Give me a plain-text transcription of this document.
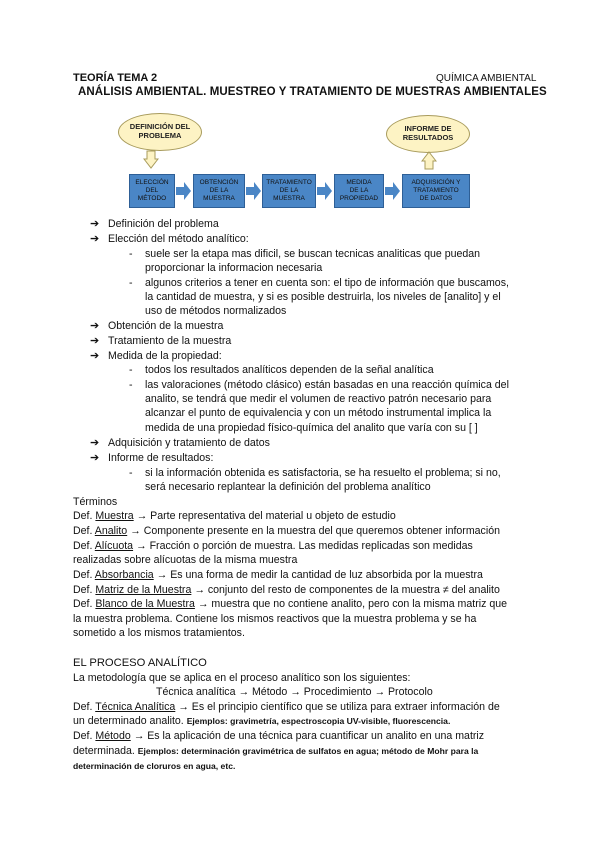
TEORÍA TEMA 2	QUÍMICA AMBIENTAL
ANÁLISIS AMBIENTAL. MUESTREO Y TRATAMIENTO DE MUESTRAS AMBIENTALES
DEFINICIÓN DEL
PROBLEMA
INFORME DE
RESULTADOS
ELECCIÓN
DEL
MÉTODO
OBTENCIÓN
DE LA
MUESTRA
TRATAMIENTO
DE LA
MUESTRA
MEDIDA
DE LA
PROPIEDAD
ADQUISICIÓN Y
TRATAMIENTO
DE DATOS
➔ Definición del problema
➔ Elección del método analítico:
- suele ser la etapa mas dificil, se buscan tecnicas analiticas que puedan
proporcionar la informacion necesaria
- algunos criterios a tener en cuenta son: el tipo de información que buscamos,
la cantidad de muestra, y si es posible destruirla, los niveles de [analito] y el
uso de métodos normalizados
➔ Obtención de la muestra
➔ Tratamiento de la muestra
➔ Medida de la propiedad:
- todos los resultados analíticos dependen de la señal analítica
- las valoraciones (método clásico) están basadas en una reacción química del
analito, se tendrá que medir el volumen de reactivo patrón necesario para
alcanzar el punto de equivalencia y con un método instrumental implica la
medida de una propiedad físico-química del analito que varía con su [ ]
➔ Adquisición y tratamiento de datos
➔ Informe de resultados:
- si la información obtenida es satisfactoria, se ha resuelto el problema; si no,
será necesario replantear la definición del problema analítico
Términos
Def. Muestra → Parte representativa del material u objeto de estudio
Def. Analito → Componente presente en la muestra del que queremos obtener información
Def. Alícuota → Fracción o porción de muestra. Las medidas replicadas son medidas
realizadas sobre alícuotas de la misma muestra
Def. Absorbancia → Es una forma de medir la cantidad de luz absorbida por la muestra
Def. Matriz de la Muestra → conjunto del resto de componentes de la muestra ≠ del analito
Def. Blanco de la Muestra → muestra que no contiene analito, pero con la misma matriz que
la muestra problema. Contiene los mismos reactivos que la muestra problema y se ha
sometido a los mismos tratamientos.
EL PROCESO ANALÍTICO
La metodología que se aplica en el proceso analítico son los siguientes:
Técnica analítica → Método → Procedimiento → Protocolo
Def. Técnica Analítica → Es el principio científico que se utiliza para extraer información de
un determinado analito. Ejemplos: gravimetría, espectroscopia UV-visible, fluorescencia.
Def. Método → Es la aplicación de una técnica para cuantificar un analito en una matriz
determinada. Ejemplos: determinación gravimétrica de sulfatos en agua; método de Mohr para la
determinación de cloruros en agua, etc.
